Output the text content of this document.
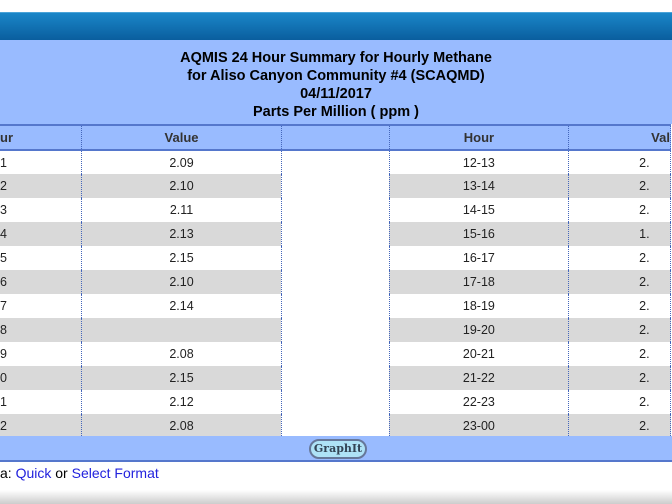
AQMIS 24 Hour Summary for Hourly Methane
for Aliso Canyon Community #4 (SCAQMD)
04/11/2017
Parts Per Million ( ppm )
ur	Value		Hour	Val
1	2.09		12-13	2.
2	2.10		13-14	2.
3	2.11		14-15	2.
4	2.13		15-16	1.
5	2.15		16-17	2.
6	2.10		17-18	2.
7	2.14		18-19	2.
8			19-20	2.
9	2.08		20-21	2.
0	2.15		21-22	2.
1	2.12		22-23	2.
2	2.08		23-00	2.
GraphIt
a: Quick or Select Format
